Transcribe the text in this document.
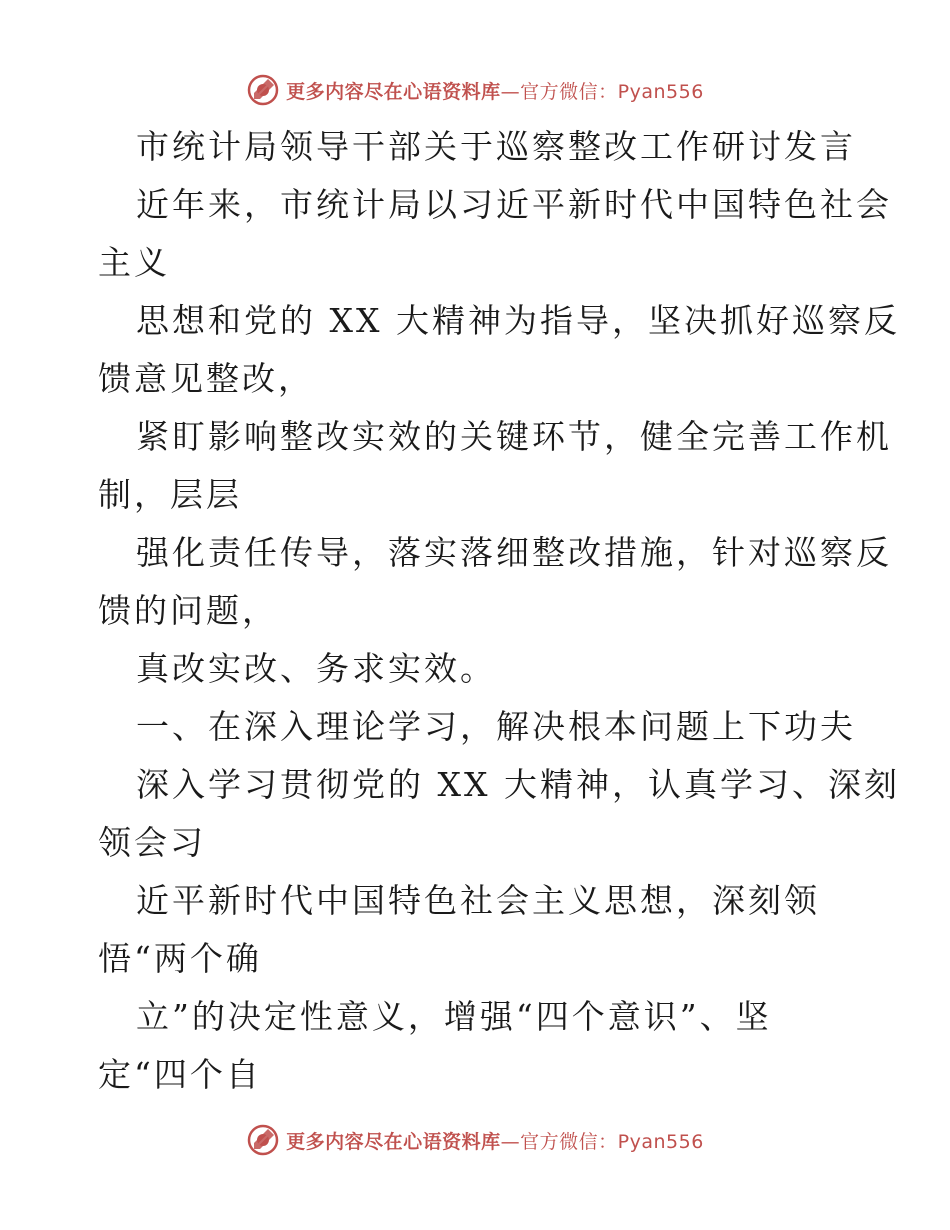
更多内容尽在心语资料库—官方微信：Pyan556
市统计局领导干部关于巡察整改工作研讨发言
近年来，市统计局以习近平新时代中国特色社会
主义
思想和党的 XX 大精神为指导，坚决抓好巡察反
馈意见整改，
紧盯影响整改实效的关键环节，健全完善工作机
制，层层
强化责任传导，落实落细整改措施，针对巡察反
馈的问题，
真改实改、务求实效。
一、在深入理论学习，解决根本问题上下功夫
深入学习贯彻党的 XX 大精神，认真学习、深刻
领会习
近平新时代中国特色社会主义思想，深刻领
悟“两个确
立”的决定性意义，增强“四个意识”、坚
定“四个自
更多内容尽在心语资料库—官方微信：Pyan556
